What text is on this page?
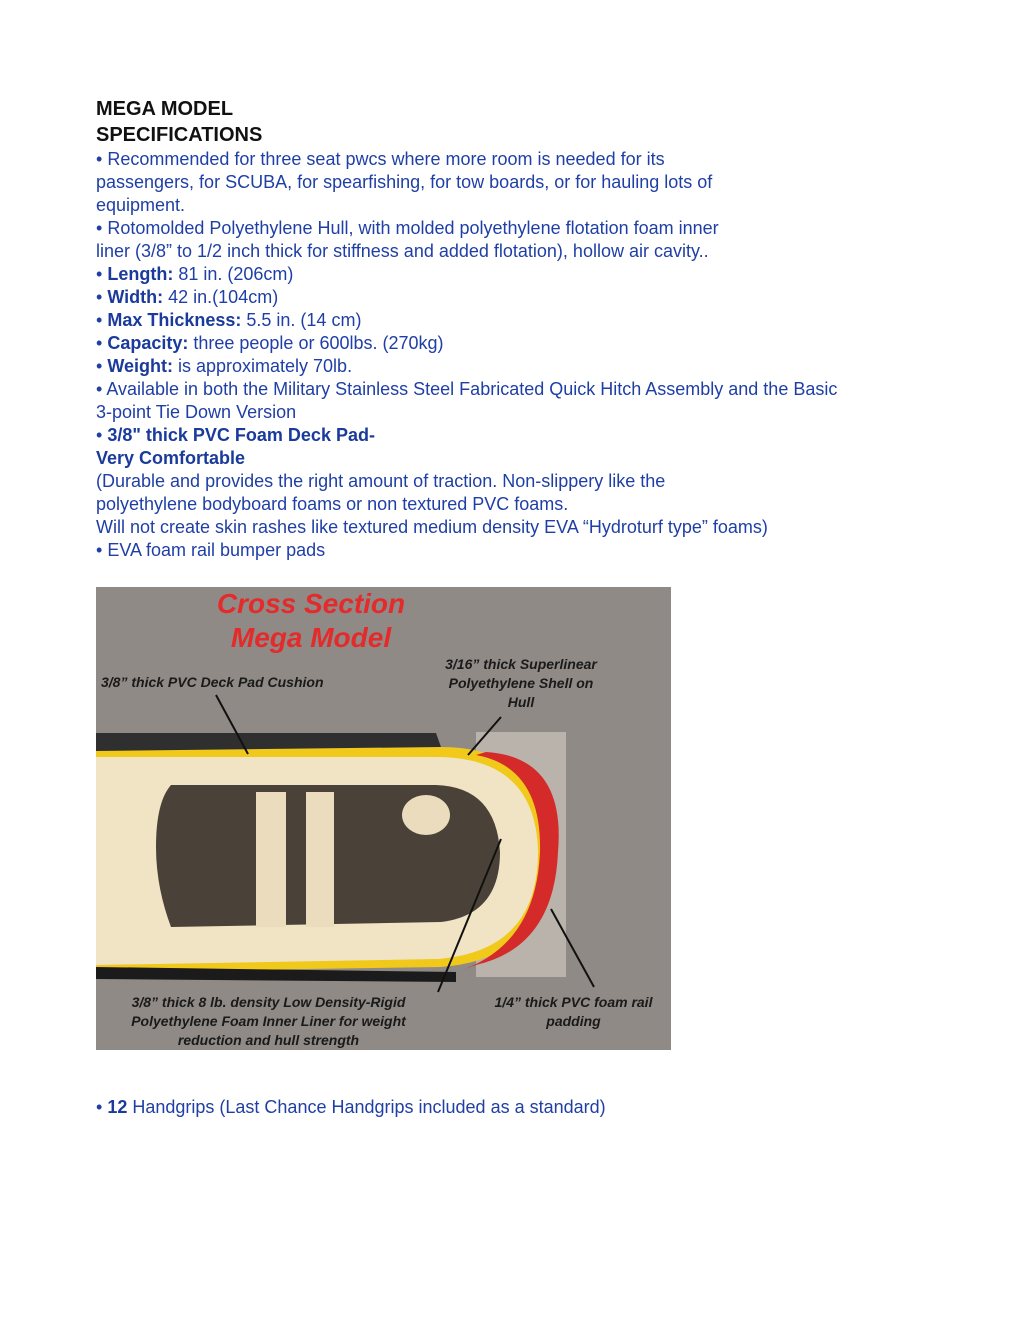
MEGA MODEL
SPECIFICATIONS
• Recommended for three seat pwcs where more room is needed for its
passengers, for SCUBA, for spearfishing, for tow boards, or for hauling lots of
equipment.
• Rotomolded Polyethylene Hull, with molded polyethylene flotation foam inner
liner (3/8” to 1/2 inch thick for stiffness and added flotation), hollow air cavity..
• Length: 81 in. (206cm)
• Width: 42 in.(104cm)
• Max Thickness: 5.5 in. (14 cm)
• Capacity: three people or 600lbs. (270kg)
• Weight: is approximately 70lb.
• Available in both the Military Stainless Steel Fabricated Quick Hitch Assembly and the Basic
3-point Tie Down Version
• 3/8" thick PVC Foam Deck Pad-
Very Comfortable
(Durable and provides the right amount of traction. Non-slippery like the
polyethylene bodyboard foams or non textured PVC foams.
Will not create skin rashes like textured medium density EVA “Hydroturf type” foams)
• EVA foam rail bumper pads
Cross Section
Mega Model
3/8” thick PVC Deck Pad Cushion
3/16” thick Superlinear
Polyethylene Shell on
Hull
3/8” thick 8 lb. density Low Density-Rigid
Polyethylene Foam Inner Liner for weight
reduction and hull strength
1/4” thick PVC foam rail
padding
• 12 Handgrips (Last Chance Handgrips included as a standard)
